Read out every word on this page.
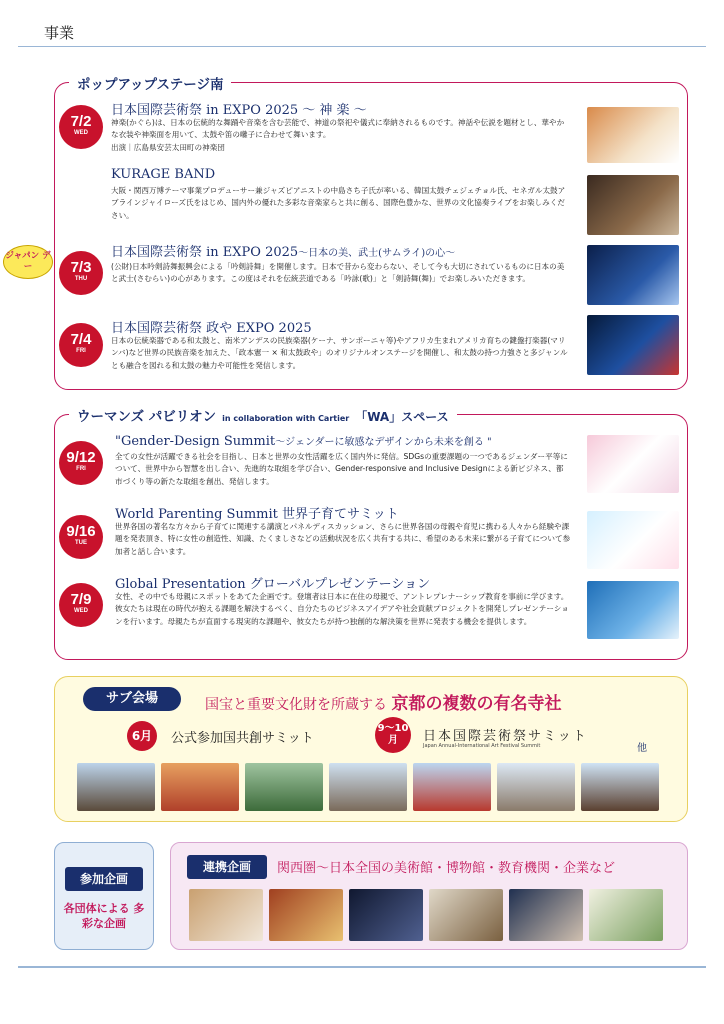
事業
ポップアップステージ南
7/2
WED
日本国際芸術祭 in EXPO 2025 〜 神 楽 〜
神楽(かぐら)は、日本の伝統的な舞踊や音楽を含む芸能で、神道の祭祀や儀式に奉納されるものです。神話や伝説を題材とし、華やかな衣装や神楽面を用いて、太鼓や笛の囃子に合わせて舞います。
出演｜広島県安芸太田町の神楽団
KURAGE BAND
大阪・関西万博テーマ事業プロデューサー兼ジャズピアニストの中島さち子氏が率いる、韓国太鼓チェジェチョル氏、セネガル太鼓アブラインジャイローズ氏をはじめ、国内外の優れた多彩な音楽家らと共に創る、国際色豊かな、世界の文化協奏ライブをお楽しみください。
7/3
THU
日本国際芸術祭 in EXPO 2025〜日本の美、武士(サムライ)の心〜
(公財)日本吟剣詩舞振興会による「吟剣詩舞」を開催します。日本で昔から変わらない、そして今も大切にされているものに日本の美と武士(さむらい)の心があります。この度はそれを伝統芸道である「吟詠(歌)」と「剣詩舞(舞)」でお楽しみいただきます。
7/4
FRI
日本国際芸術祭 政や EXPO 2025
日本の伝統楽器である和太鼓と、南米アンデスの民族楽器(ケーナ、サンポーニャ等)やアフリカ生まれアメリカ育ちの鍵盤打楽器(マリンバ)など世界の民族音楽を加えた、「政本憲一 × 和太鼓政や」のオリジナルオンステージを開催し、和太鼓の持つ力強さと多ジャンルとも融合を図れる和太鼓の魅力や可能性を発信します。
ジャパン デー
ウーマンズ パビリオン in collaboration with Cartier 「WA」スペース
9/12
FRI
"Gender-Design Summit〜ジェンダーに敏感なデザインから未来を創る "
全ての女性が活躍できる社会を目指し、日本と世界の女性活躍を広く国内外に発信。SDGsの重要課題の一つであるジェンダー平等について、世界中から智慧を出し合い、先進的な取組を学び合い、Gender-responsive and Inclusive Designによる新ビジネス、都市づくり等の新たな取組を創出、発信します。
9/16
TUE
World Parenting Summit 世界子育てサミット
世界各国の著名な方々から子育てに関連する講演とパネルディスカッション、さらに世界各国の母親や育児に携わる人々から経験や課題を発表頂き、特に女性の創造性、知識、たくましさなどの活動状況を広く共有する共に、希望のある未来に繋がる子育てについて参加者と話し合います。
7/9
WED
Global Presentation グローバルプレゼンテーション
女性、その中でも母親にスポットをあてた企画です。登壇者は日本に在住の母親で、アントレプレナーシップ教育を事前に学びます。彼女たちは現在の時代が抱える課題を解決するべく、自分たちのビジネスアイデアや社会貢献プロジェクトを開発しプレゼンテーションを行います。母親たちが直面する現実的な課題や、彼女たちが持つ独創的な解決策を世界に発表する機会を提供します。
サブ会場	国宝と重要文化財を所蔵する 京都の複数の有名寺社
6月	公式参加国共創サミット
9〜10
月	日本国際芸術祭サミット
Japan Annual-International Art Festival Summit	他
参加企画
各団体による 多彩な企画
連携企画	関西圏〜日本全国の美術館・博物館・教育機関・企業など
